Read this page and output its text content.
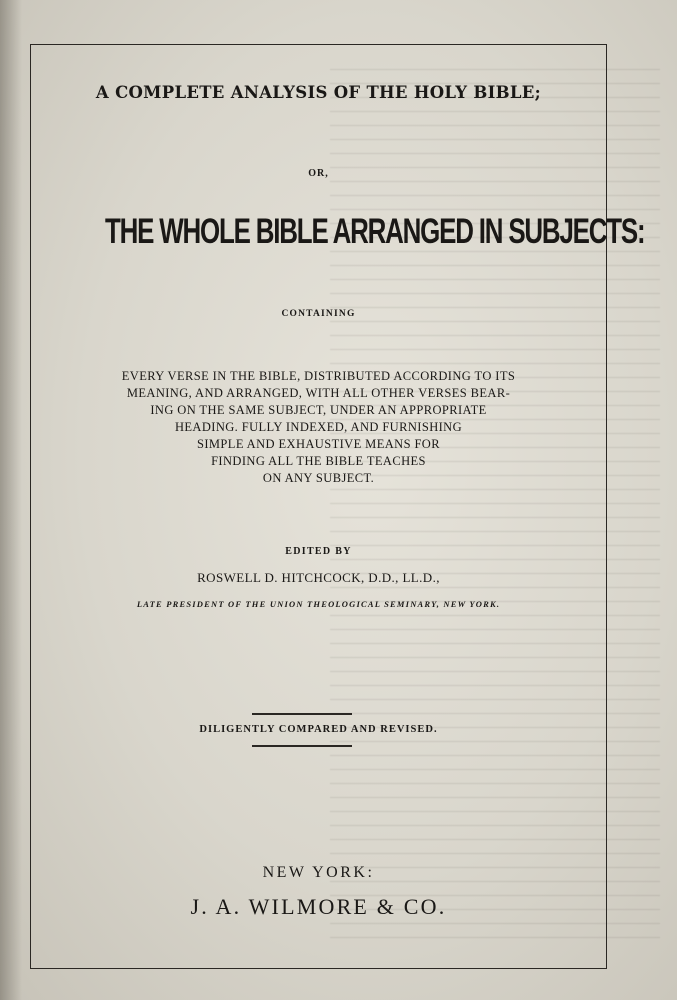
A COMPLETE ANALYSIS OF THE HOLY BIBLE;

OR,

THE WHOLE BIBLE ARRANGED IN SUBJECTS:

CONTAINING

EVERY VERSE IN THE BIBLE, DISTRIBUTED ACCORDING TO ITS

MEANING, AND ARRANGED, WITH ALL OTHER VERSES BEAR-

ING ON THE SAME SUBJECT, UNDER AN APPROPRIATE

HEADING. FULLY INDEXED, AND FURNISHING

SIMPLE AND EXHAUSTIVE MEANS FOR

FINDING ALL THE BIBLE TEACHES

ON ANY SUBJECT.

EDITED BY

ROSWELL D. HITCHCOCK, D.D., LL.D.,

LATE PRESIDENT OF THE UNION THEOLOGICAL SEMINARY, NEW YORK.

DILIGENTLY COMPARED AND REVISED.

NEW YORK:

J. A. WILMORE & CO.
